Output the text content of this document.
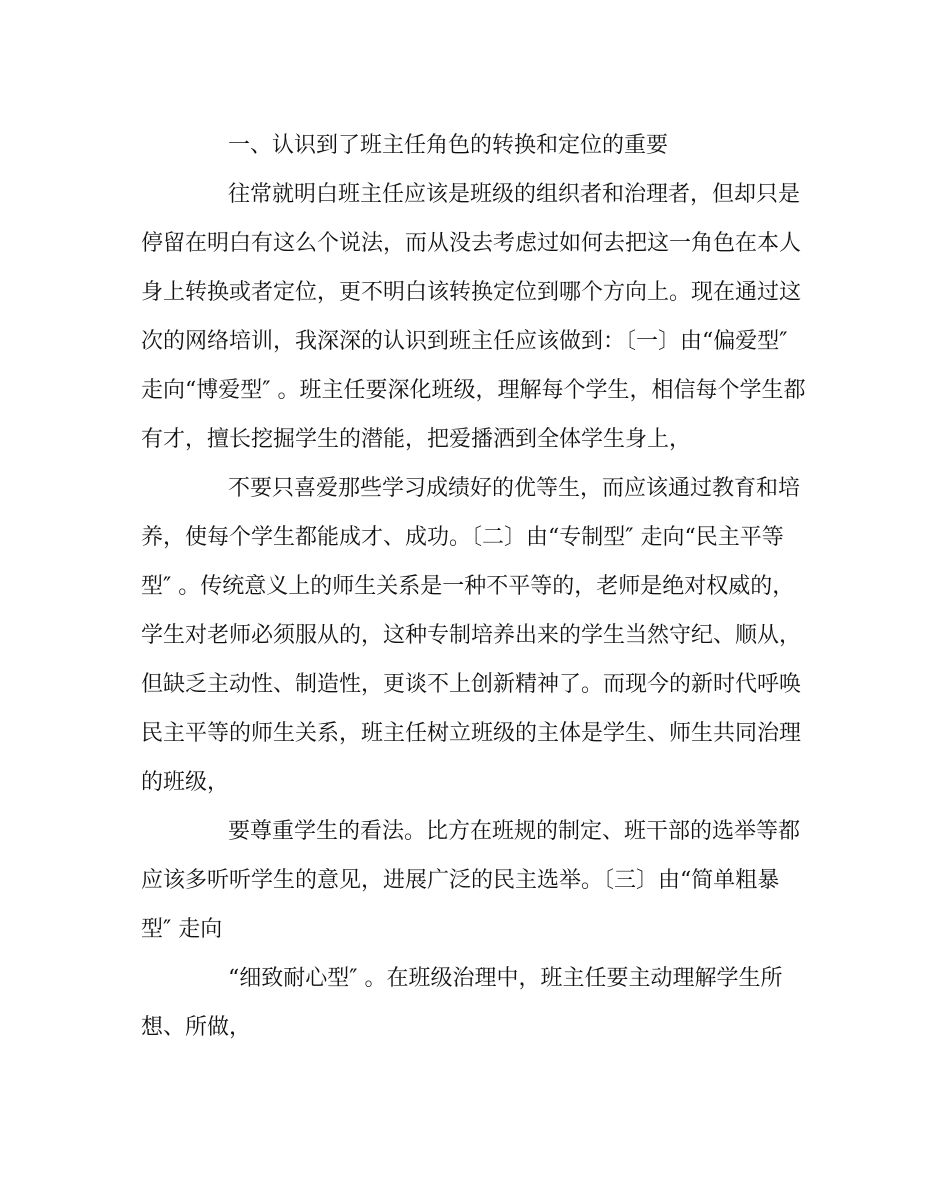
一、认识到了班主任角色的转换和定位的重要

往常就明白班主任应该是班级的组织者和治理者，但却只是

停留在明白有这么个说法，而从没去考虑过如何去把这一角色在本人

身上转换或者定位，更不明白该转换定位到哪个方向上。现在通过这

次的网络培训，我深深的认识到班主任应该做到：〔一〕由“偏爱型″

走向“博爱型″ 。班主任要深化班级，理解每个学生，相信每个学生都

有才，擅长挖掘学生的潜能，把爱播洒到全体学生身上，

不要只喜爱那些学习成绩好的优等生，而应该通过教育和培

养，使每个学生都能成才、成功。〔二〕由“专制型″ 走向“民主平等

型″ 。传统意义上的师生关系是一种不平等的，老师是绝对权威的，

学生对老师必须服从的，这种专制培养出来的学生当然守纪、顺从，

但缺乏主动性、制造性，更谈不上创新精神了。而现今的新时代呼唤

民主平等的师生关系，班主任树立班级的主体是学生、师生共同治理

的班级，

要尊重学生的看法。比方在班规的制定、班干部的选举等都

应该多听听学生的意见，进展广泛的民主选举。〔三〕由“简单粗暴

型″ 走向

“细致耐心型″ 。在班级治理中，班主任要主动理解学生所

想、所做，
